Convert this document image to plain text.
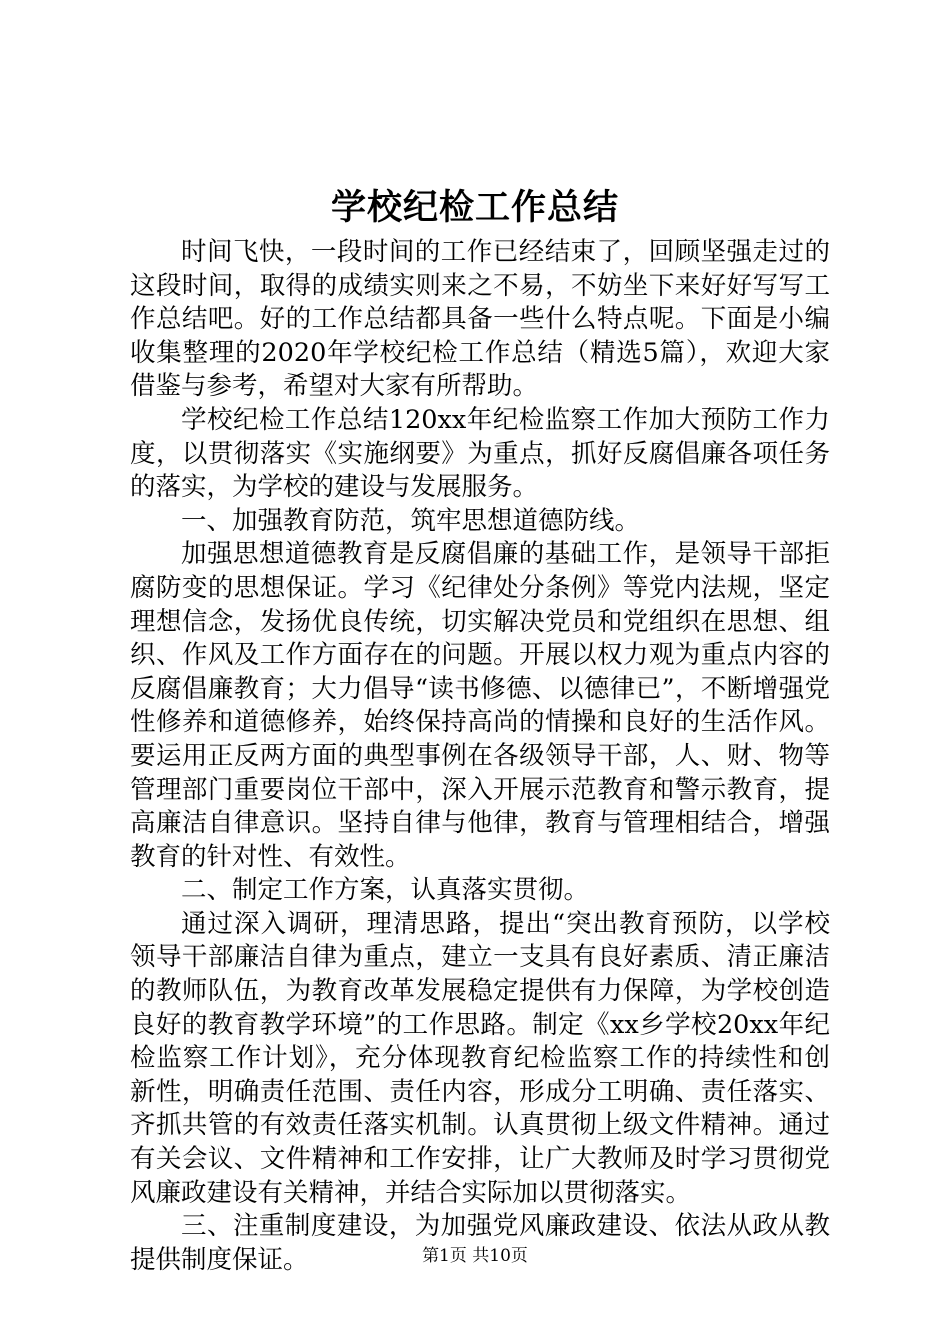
学校纪检工作总结

时间飞快，一段时间的工作已经结束了，回顾坚强走过的这段时间，取得的成绩实则来之不易，不妨坐下来好好写写工作总结吧。好的工作总结都具备一些什么特点呢。下面是小编收集整理的2020年学校纪检工作总结（精选5篇），欢迎大家借鉴与参考，希望对大家有所帮助。

学校纪检工作总结120xx年纪检监察工作加大预防工作力度，以贯彻落实《实施纲要》为重点，抓好反腐倡廉各项任务的落实，为学校的建设与发展服务。

一、加强教育防范，筑牢思想道德防线。

加强思想道德教育是反腐倡廉的基础工作，是领导干部拒腐防变的思想保证。学习《纪律处分条例》等党内法规，坚定理想信念，发扬优良传统，切实解决党员和党组织在思想、组织、作风及工作方面存在的问题。开展以权力观为重点内容的反腐倡廉教育；大力倡导“读书修德、以德律已”，不断增强党性修养和道德修养，始终保持高尚的情操和良好的生活作风。要运用正反两方面的典型事例在各级领导干部，人、财、物等管理部门重要岗位干部中，深入开展示范教育和警示教育，提高廉洁自律意识。坚持自律与他律，教育与管理相结合，增强教育的针对性、有效性。

二、制定工作方案，认真落实贯彻。

通过深入调研，理清思路，提出“突出教育预防，以学校领导干部廉洁自律为重点，建立一支具有良好素质、清正廉洁的教师队伍，为教育改革发展稳定提供有力保障，为学校创造良好的教育教学环境”的工作思路。制定《xx乡学校20xx年纪检监察工作计划》，充分体现教育纪检监察工作的持续性和创新性，明确责任范围、责任内容，形成分工明确、责任落实、齐抓共管的有效责任落实机制。认真贯彻上级文件精神。通过有关会议、文件精神和工作安排，让广大教师及时学习贯彻党风廉政建设有关精神，并结合实际加以贯彻落实。

三、注重制度建设，为加强党风廉政建设、依法从政从教提供制度保证。	第1页 共10页
